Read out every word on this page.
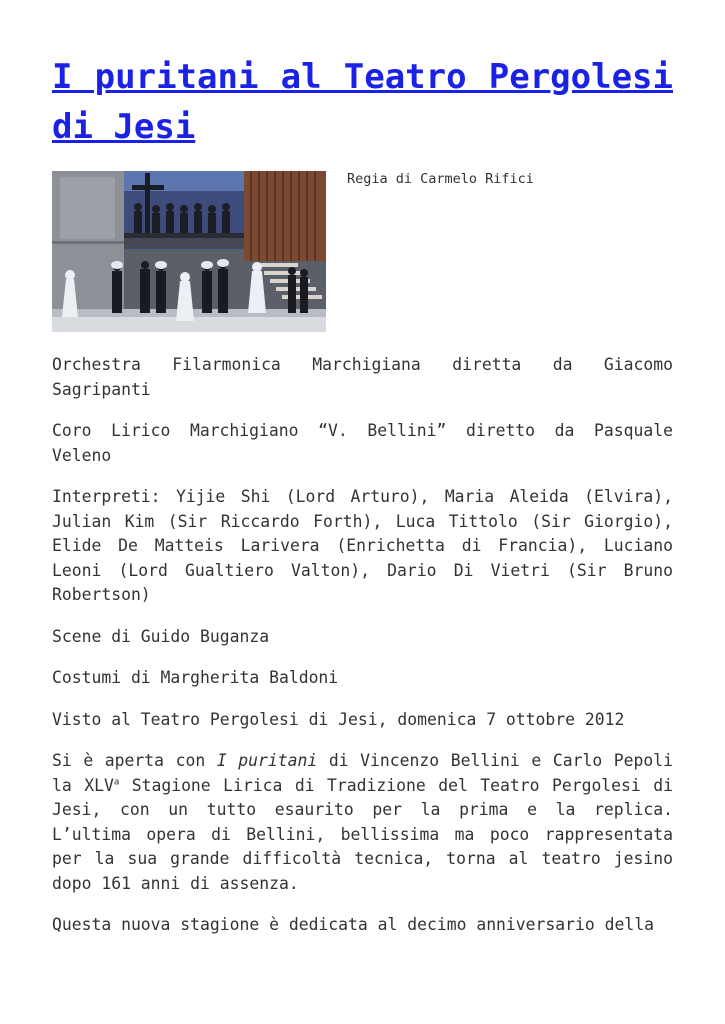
I puritani al Teatro Pergolesi di Jesi
Regia di Carmelo Rifici

Orchestra Filarmonica Marchigiana diretta da Giacomo Sagripanti

Coro Lirico Marchigiano “V. Bellini” diretto da Pasquale Veleno

Interpreti: Yijie Shi (Lord Arturo), Maria Aleida (Elvira), Julian Kim (Sir Riccardo Forth), Luca Tittolo (Sir Giorgio), Elide De Matteis Larivera (Enrichetta di Francia), Luciano Leoni (Lord Gualtiero Valton), Dario Di Vietri (Sir Bruno Robertson)

Scene di Guido Buganza

Costumi di Margherita Baldoni

Visto al Teatro Pergolesi di Jesi, domenica 7 ottobre 2012

Si è aperta con I puritani di Vincenzo Bellini e Carlo Pepoli la XLV$^a$ Stagione Lirica di Tradizione del Teatro Pergolesi di Jesi, con un tutto esaurito per la prima e la replica. L’ultima opera di Bellini, bellissima ma poco rappresentata per la sua grande difficoltà tecnica, torna al teatro jesino dopo 161 anni di assenza.

Questa nuova stagione è dedicata al decimo anniversario della
